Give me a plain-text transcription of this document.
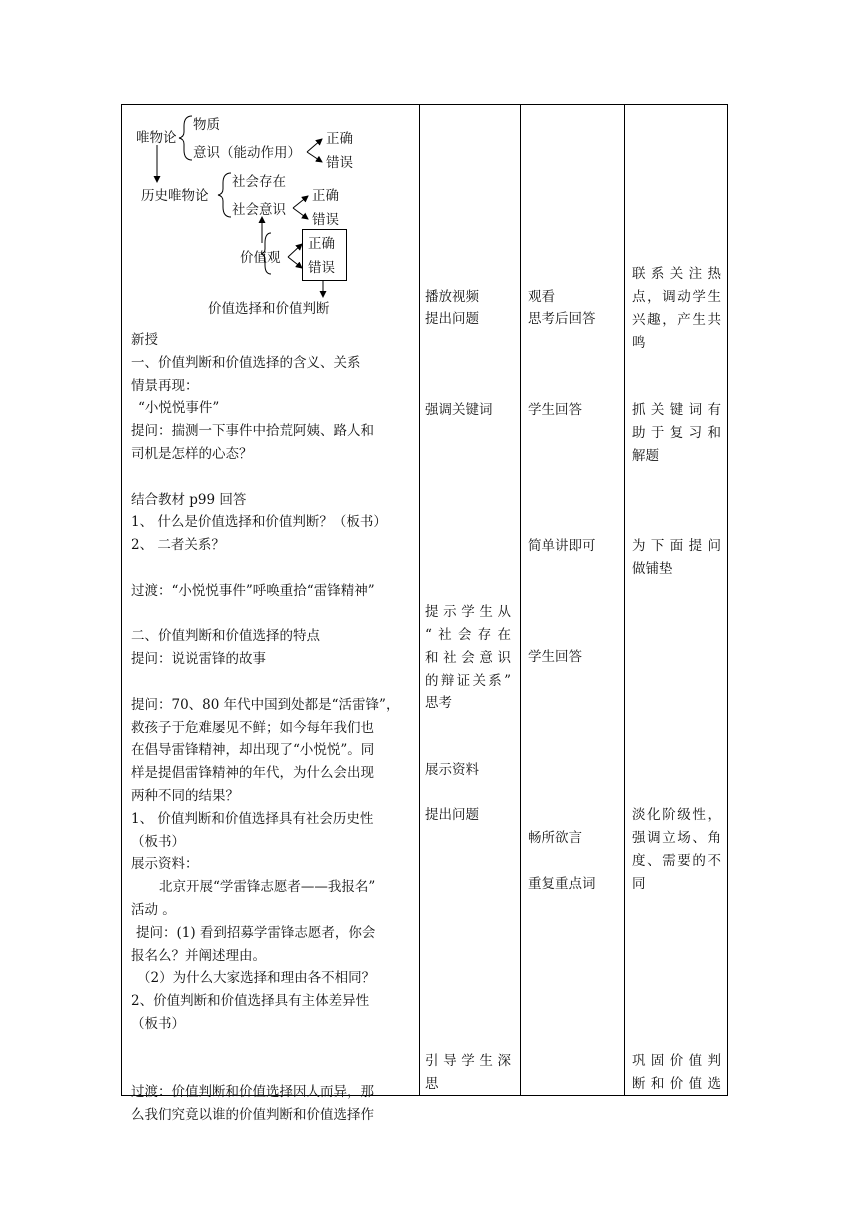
唯物论
物质
意识（能动作用）
正确
错误
历史唯物论
社会存在
社会意识
正确
错误
价值观
正确
错误
价值选择和价值判断
新授
一、价值判断和价值选择的含义、关系
情景再现：
“小悦悦事件”
提问：揣测一下事件中拾荒阿姨、路人和
司机是怎样的心态？
结合教材 p99 回答
1、 什么是价值选择和价值判断？（板书）
2、 二者关系？
过渡：“小悦悦事件”呼唤重拾“雷锋精神”
二、价值判断和价值选择的特点
提问：说说雷锋的故事
提问：70、80 年代中国到处都是“活雷锋”，
救孩子于危难屡见不鲜；如今每年我们也
在倡导雷锋精神，却出现了“小悦悦”。同
样是提倡雷锋精神的年代，为什么会出现
两种不同的结果？
1、 价值判断和价值选择具有社会历史性
（板书）
展示资料：
北京开展“学雷锋志愿者——我报名”
活动 。
提问：(1) 看到招募学雷锋志愿者，你会
报名么？并阐述理由。
（2）为什么大家选择和理由各不相同？
2、价值判断和价值选择具有主体差异性
（板书）
过渡：价值判断和价值选择因人而异，那
么我们究竟以谁的价值判断和价值选择作
播放视频
提出问题
强调关键词
提示学生从
“社会存在
和社会意识
的辩证关系”
思考
展示资料
提出问题
引导学生深
思
观看
思考后回答
学生回答
简单讲即可
学生回答
畅所欲言
重复重点词
联系关注热
点，调动学生
兴趣，产生共
鸣
抓关键词有
助于复习和
解题
为下面提问
做铺垫
淡化阶级性，
强调立场、角
度、需要的不
同
巩固价值判
断和价值选
